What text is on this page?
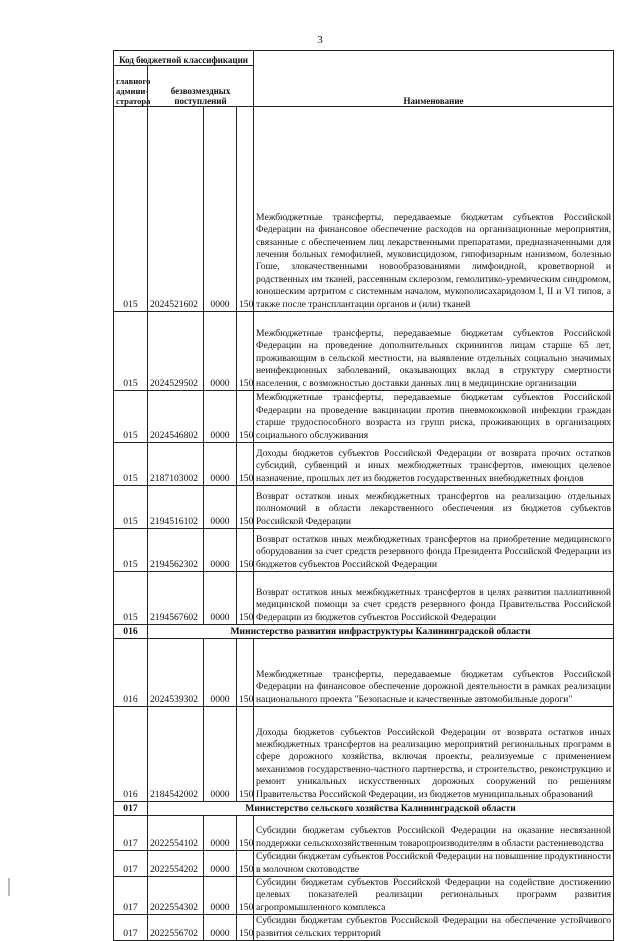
3
Код бюджетной классификации				Наименование
главного админи-стратора	безвозмездных поступлений			
015	2024521602	0000	150	Межбюджетные трансферты, передаваемые бюджетам субъектов Российской Федерации на финансовое обеспечение расходов на организационные мероприятия, связанные с обеспечением лиц лекарственными препаратами, предназначенными для лечения больных гемофилией, муковисцидозом, гипофизарным нанизмом, болезнью Гоше, злокачественными новообразованиями лимфоидной, кроветворной и родственных им тканей, рассеянным склерозом, гемолитико-уремическим синдромом, юношеским артритом с системным началом, мукополисахаридозом I, II и VI типов, а также после трансплантации органов и (или) тканей
015	2024529502	0000	150	Межбюджетные трансферты, передаваемые бюджетам субъектов Российской Федерации на проведение дополнительных скринингов лицам старше 65 лет, проживающим в сельской местности, на выявление отдельных социально значимых неинфекционных заболеваний, оказывающих вклад в структуру смертности населения, с возможностью доставки данных лиц в медицинские организации
015	2024546802	0000	150	Межбюджетные трансферты, передаваемые бюджетам субъектов Российской Федерации на проведение вакцинации против пневмококковой инфекции граждан старше трудоспособного возраста из групп риска, проживающих в организациях социального обслуживания
015	2187103002	0000	150	Доходы бюджетов субъектов Российской Федерации от возврата прочих остатков субсидий, субвенций и иных межбюджетных трансфертов, имеющих целевое назначение, прошлых лет из бюджетов государственных внебюджетных фондов
015	2194516102	0000	150	Возврат остатков иных межбюджетных трансфертов на реализацию отдельных полномочий в области лекарственного обеспечения из бюджетов субъектов Российской Федерации
015	2194562302	0000	150	Возврат остатков иных межбюджетных трансфертов на приобретение медицинского оборудования за счет средств резервного фонда Президента Российской Федерации из бюджетов субъектов Российской Федерации
015	2194567602	0000	150	Возврат остатков иных межбюджетных трансфертов в целях развития паллиативной медицинской помощи за счет средств резервного фонда Правительства Российской Федерации из бюджетов субъектов Российской Федерации
016	Министерство развития инфраструктуры Калининградской области			
016	2024539302	0000	150	Межбюджетные трансферты, передаваемые бюджетам субъектов Российской Федерации на финансовое обеспечение дорожной деятельности в рамках реализации национального проекта "Безопасные и качественные автомобильные дороги"
016	2184542002	0000	150	Доходы бюджетов субъектов Российской Федерации от возврата остатков иных межбюджетных трансфертов на реализацию мероприятий региональных программ в сфере дорожного хозяйства, включая проекты, реализуемые с применением механизмов государственно-частного партнерства, и строительство, реконструкцию и ремонт уникальных искусственных дорожных сооружений по решениям Правительства Российской Федерации, из бюджетов муниципальных образований
017	Министерство сельского хозяйства Калининградской области			
017	2022554102	0000	150	Субсидии бюджетам субъектов Российской Федерации на оказание несвязанной поддержки сельскохозяйственным товаропроизводителям в области растениеводства
017	2022554202	0000	150	Субсидии бюджетам субъектов Российской Федерации на повышение продуктивности в молочном скотоводстве
017	2022554302	0000	150	Субсидии бюджетам субъектов Российской Федерации на содействие достижению целевых показателей реализации региональных программ развития агропромышленного комплекса
017	2022556702	0000	150	Субсидии бюджетам субъектов Российской Федерации на обеспечение устойчивого развития сельских территорий
